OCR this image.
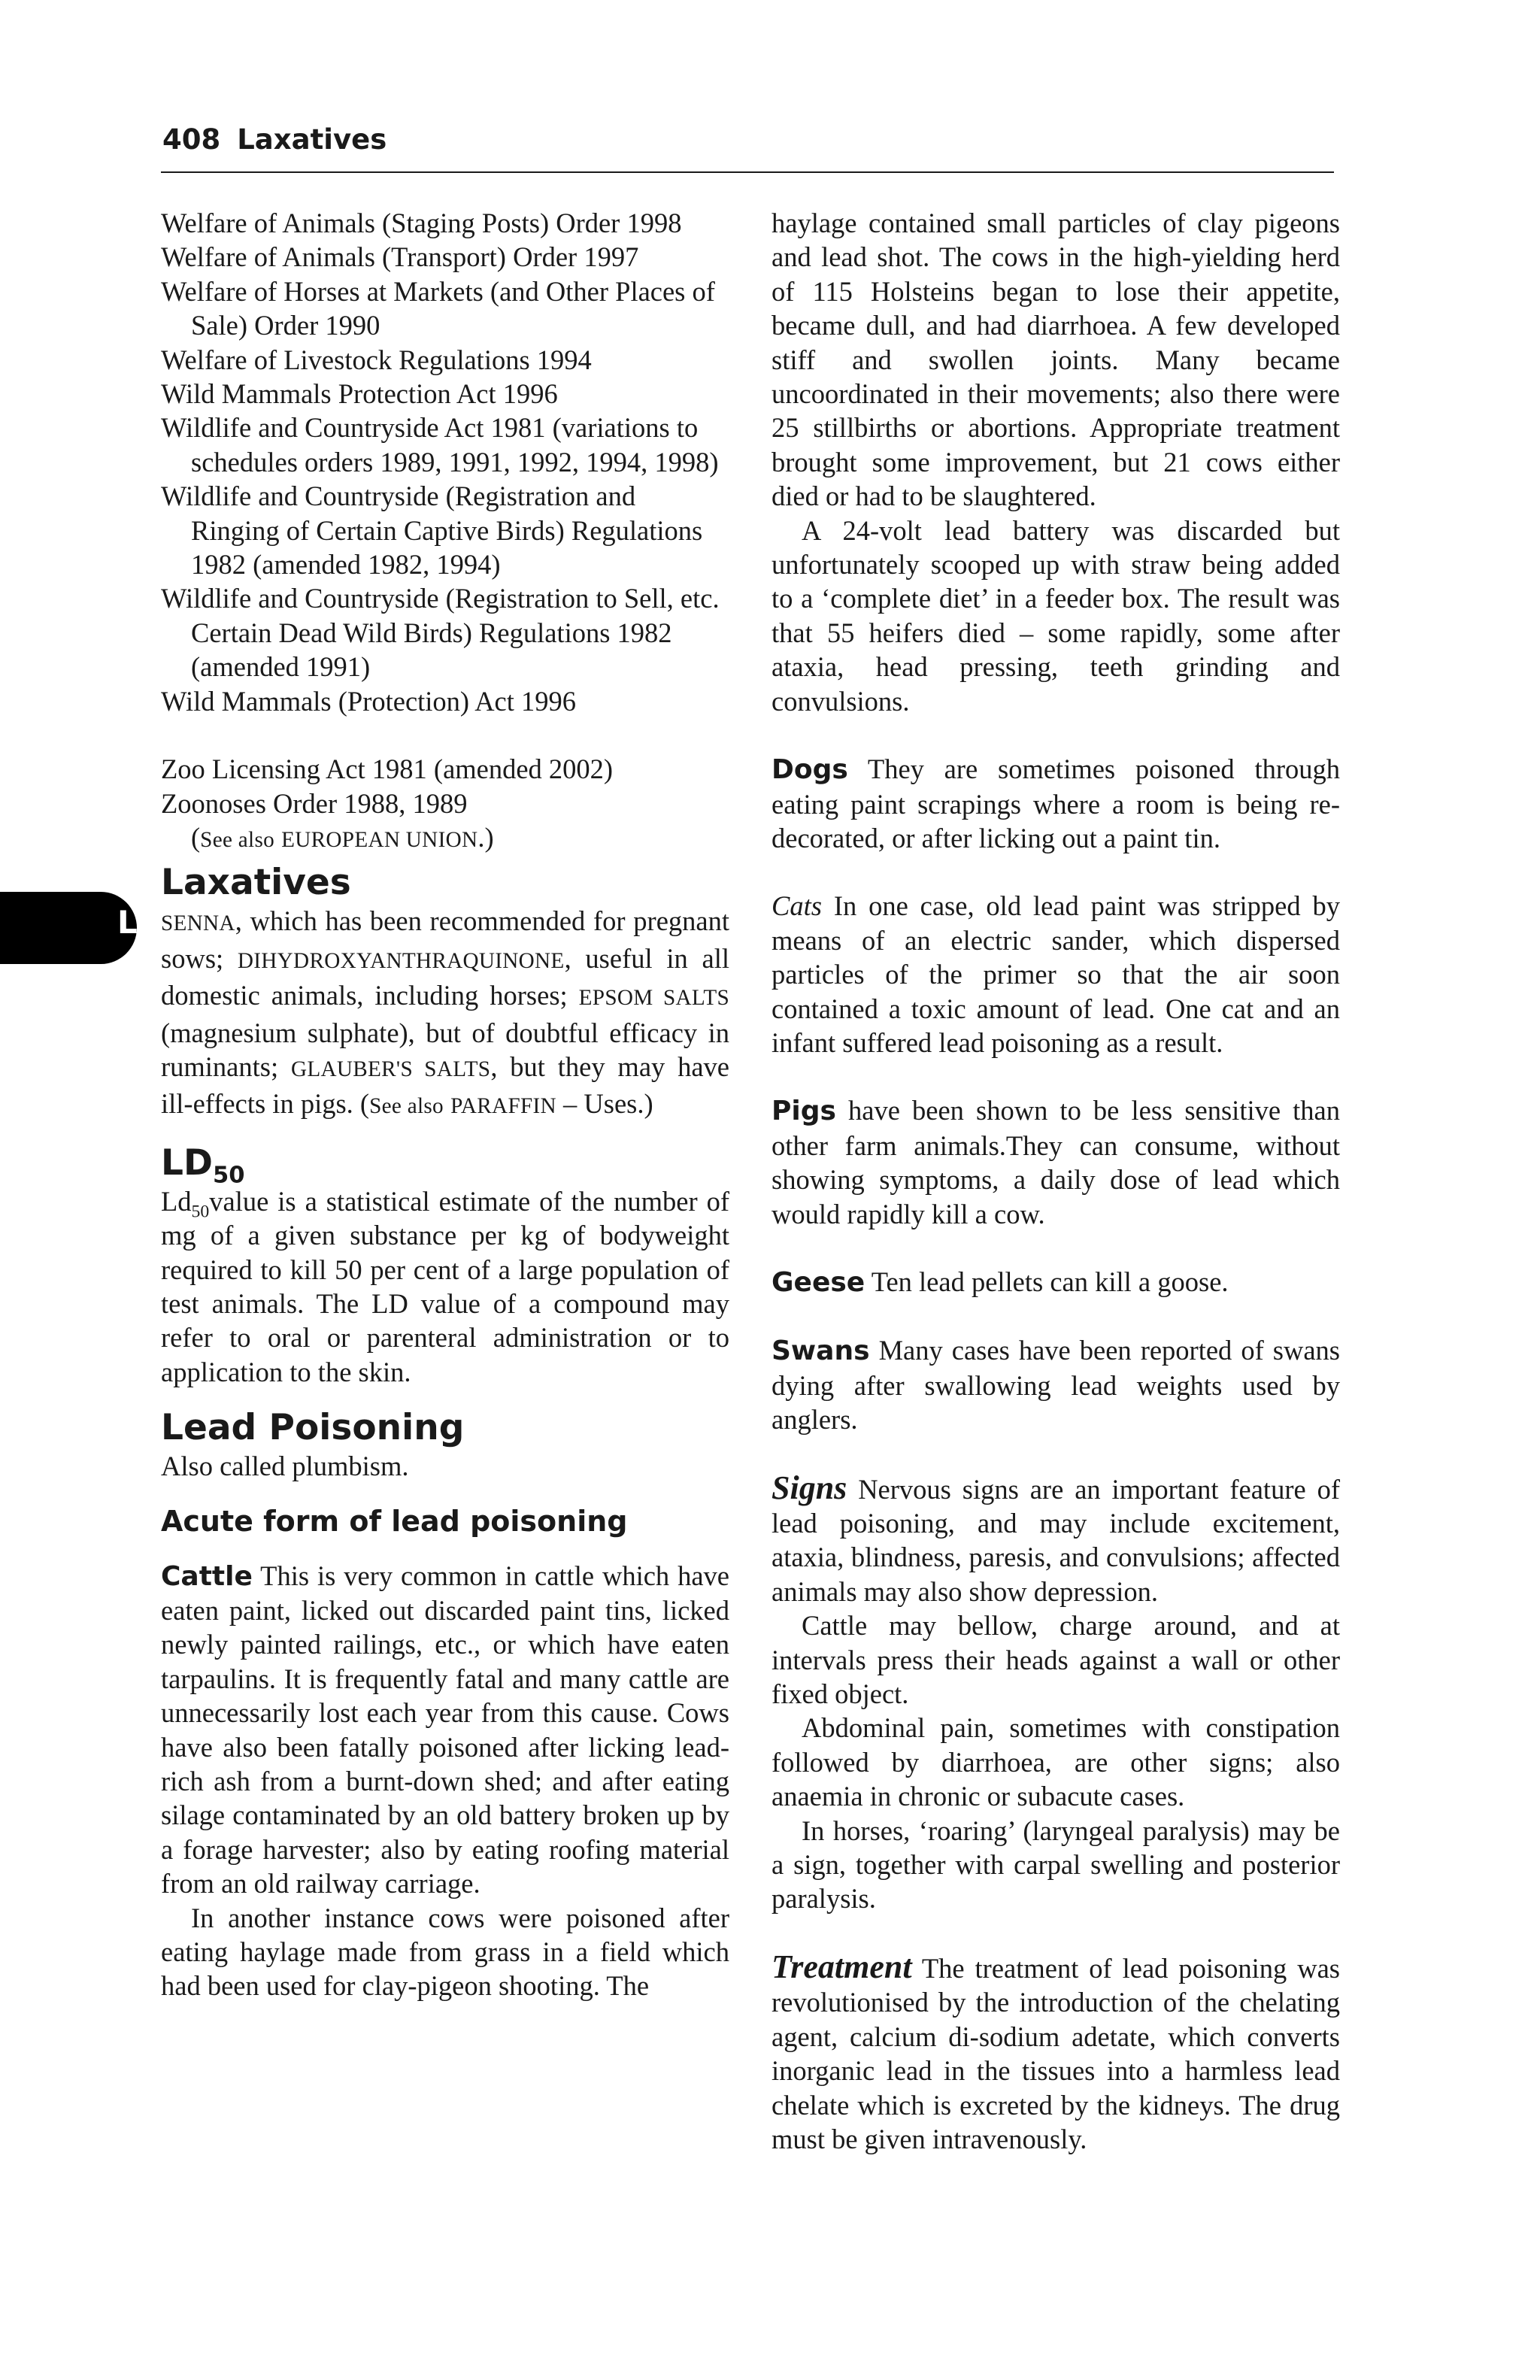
408 Laxatives
L

Welfare of Animals (Staging Posts) Order 1998

Welfare of Animals (Transport) Order 1997

Welfare of Horses at Markets (and Other Places of Sale) Order 1990

Welfare of Livestock Regulations 1994

Wild Mammals Protection Act 1996

Wildlife and Countryside Act 1981 (variations to schedules orders 1989, 1991, 1992, 1994, 1998)

Wildlife and Countryside (Registration and Ringing of Certain Captive Birds) Regulations 1982 (amended 1982, 1994)

Wildlife and Countryside (Registration to Sell, etc. Certain Dead Wild Birds) Regulations 1982 (amended 1991)

Wild Mammals (Protection) Act 1996

Zoo Licensing Act 1981 (amended 2002)

Zoonoses Order 1988, 1989

(See also EUROPEAN UNION.)

Laxatives

SENNA, which has been recommended for pregnant sows; DIHYDROXYANTHRAQUINONE, useful in all domestic animals, including horses; EPSOM SALTS (magnesium sulphate), but of doubtful efficacy in ruminants; GLAUBER'S SALTS, but they may have ill-effects in pigs. (See also PARAFFIN – Uses.)

$LD_{50}$

$Ld_{50}value$ is a statistical estimate of the number of mg of a given substance per kg of bodyweight required to kill 50 per cent of a large population of test animals. The LD value of a compound may refer to oral or parenteral administration or to application to the skin.

Lead Poisoning

Also called plumbism.

Acute form of lead poisoning

Cattle This is very common in cattle which have eaten paint, licked out discarded paint tins, licked newly painted railings, etc., or which have eaten tarpaulins. It is frequently fatal and many cattle are unnecessarily lost each year from this cause. Cows have also been fatally poisoned after licking lead-rich ash from a burnt-down shed; and after eating silage contaminated by an old battery broken up by a forage harvester; also by eating roofing material from an old railway carriage.

In another instance cows were poisoned after eating haylage made from grass in a field which had been used for clay-pigeon shooting. The

haylage contained small particles of clay pigeons and lead shot. The cows in the high-yielding herd of 115 Holsteins began to lose their appetite, became dull, and had diarrhoea. A few developed stiff and swollen joints. Many became uncoordinated in their movements; also there were 25 stillbirths or abortions. Appropriate treatment brought some improvement, but 21 cows either died or had to be slaughtered.

A 24-volt lead battery was discarded but unfortunately scooped up with straw being added to a ‘complete diet’ in a feeder box. The result was that 55 heifers died – some rapidly, some after ataxia, head pressing, teeth grinding and convulsions.

Dogs They are sometimes poisoned through eating paint scrapings where a room is being re-decorated, or after licking out a paint tin.

Cats In one case, old lead paint was stripped by means of an electric sander, which dispersed particles of the primer so that the air soon contained a toxic amount of lead. One cat and an infant suffered lead poisoning as a result.

Pigs have been shown to be less sensitive than other farm animals.They can consume, without showing symptoms, a daily dose of lead which would rapidly kill a cow.

Geese Ten lead pellets can kill a goose.

Swans Many cases have been reported of swans dying after swallowing lead weights used by anglers.

Signs Nervous signs are an important feature of lead poisoning, and may include excitement, ataxia, blindness, paresis, and convulsions; affected animals may also show depression.

Cattle may bellow, charge around, and at intervals press their heads against a wall or other fixed object.

Abdominal pain, sometimes with constipation followed by diarrhoea, are other signs; also anaemia in chronic or subacute cases.

In horses, ‘roaring’ (laryngeal paralysis) may be a sign, together with carpal swelling and posterior paralysis.

Treatment The treatment of lead poisoning was revolutionised by the introduction of the chelating agent, calcium di-sodium adetate, which converts inorganic lead in the tissues into a harmless lead chelate which is excreted by the kidneys. The drug must be given intravenously.
